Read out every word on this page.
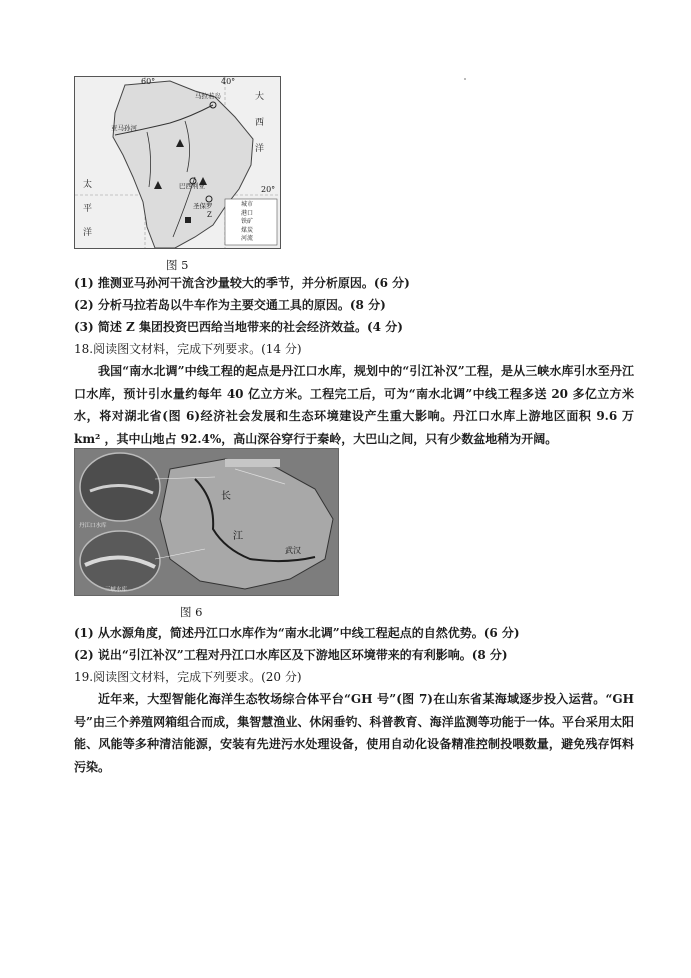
60°	40°
20°
大
西
洋
太
平
洋
马拉若岛
亚马孙河
巴西利亚
圣保罗
Z
城市
港口
铁矿
煤炭
河流
图 5
(1) 推测亚马孙河干流含沙量较大的季节，并分析原因。(6 分)
(2) 分析马拉若岛以牛车作为主要交通工具的原因。(8 分)
(3) 简述 Z 集团投资巴西给当地带来的社会经济效益。(4 分)
18.阅读图文材料，完成下列要求。(14 分)
我国“南水北调”中线工程的起点是丹江口水库，规划中的“引江补汉”工程，是从三峡水库引水至丹江口水库，预计引水量约每年 40 亿立方米。工程完工后，可为“南水北调”中线工程多送 20 多亿立方米水，将对湖北省(图 6)经济社会发展和生态环境建设产生重大影响。丹江口水库上游地区面积 9.6 万 km² ，其中山地占 92.4%，高山深谷穿行于秦岭，大巴山之间，只有少数盆地稍为开阔。
长
江
武汉
丹江口水库
三峡水库
图 6
(1) 从水源角度，简述丹江口水库作为“南水北调”中线工程起点的自然优势。(6 分)
(2) 说出“引江补汉”工程对丹江口水库区及下游地区环境带来的有利影响。(8 分)
19.阅读图文材料，完成下列要求。(20 分)
近年来，大型智能化海洋生态牧场综合体平台“GH 号”(图 7)在山东省某海域逐步投入运营。“GH 号”由三个养殖网箱组合而成，集智慧渔业、休闲垂钓、科普教育、海洋监测等功能于一体。平台采用太阳能、风能等多种清洁能源，安装有先进污水处理设备，使用自动化设备精准控制投喂数量，避免残存饵料污染。
